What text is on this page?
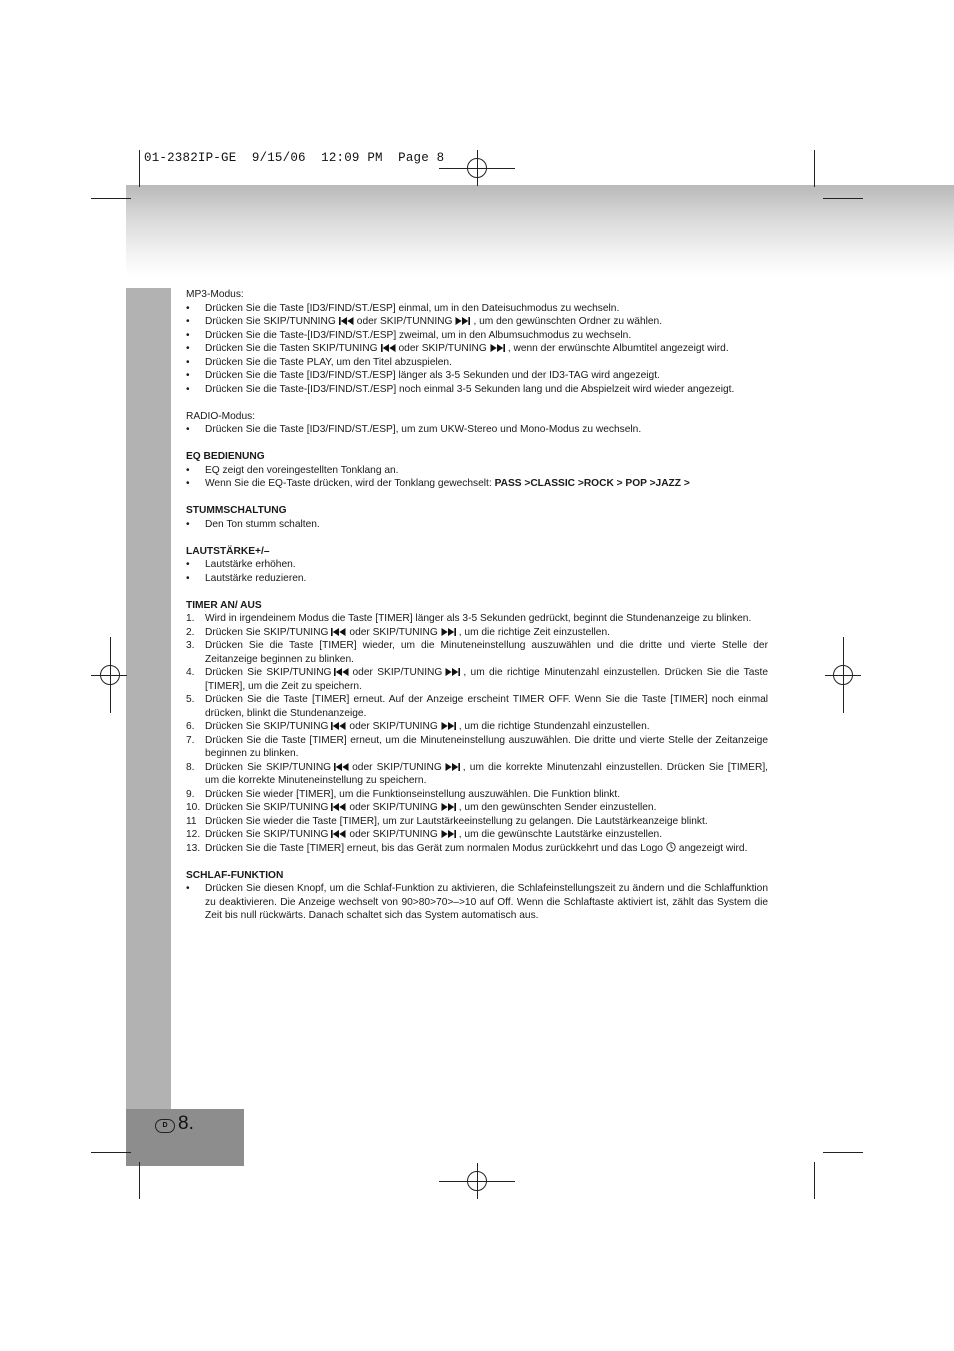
01-2382IP-GE  9/15/06  12:09 PM  Page 8
D 8.
MP3-Modus:
• Drücken Sie die Taste [ID3/FIND/ST./ESP] einmal, um in den Dateisuchmodus zu wechseln.
• Drücken Sie SKIP/TUNNING oder SKIP/TUNNING , um den gewünschten Ordner zu wählen.
• Drücken Sie die Taste-[ID3/FIND/ST./ESP] zweimal, um in den Albumsuchmodus zu wechseln.
• Drücken Sie die Tasten SKIP/TUNING oder SKIP/TUNING , wenn der erwünschte Albumtitel angezeigt wird.
• Drücken Sie die Taste PLAY, um den Titel abzuspielen.
• Drücken Sie die Taste [ID3/FIND/ST./ESP] länger als 3-5 Sekunden und der ID3-TAG wird angezeigt.
• Drücken Sie die Taste-[ID3/FIND/ST./ESP] noch einmal 3-5 Sekunden lang und die Abspielzeit wird wieder angezeigt.
RADIO-Modus:
• Drücken Sie die Taste [ID3/FIND/ST./ESP], um zum UKW-Stereo und Mono-Modus zu wechseln.
EQ BEDIENUNG
• EQ zeigt den voreingestellten Tonklang an.
• Wenn Sie die EQ-Taste drücken, wird der Tonklang gewechselt: PASS >CLASSIC >ROCK > POP >JAZZ >
STUMMSCHALTUNG
• Den Ton stumm schalten.
LAUTSTÄRKE+/–
• Lautstärke erhöhen.
• Lautstärke reduzieren.
TIMER AN/ AUS
1. Wird in irgendeinem Modus die Taste [TIMER] länger als 3-5 Sekunden gedrückt, beginnt die Stundenanzeige zu blinken.
2. Drücken Sie SKIP/TUNING oder SKIP/TUNING , um die richtige Zeit einzustellen.
3. Drücken Sie die Taste [TIMER] wieder, um die Minuteneinstellung auszuwählen und die dritte und vierte Stelle der Zeitanzeige beginnen zu blinken.
4. Drücken Sie SKIP/TUNING oder SKIP/TUNING , um die richtige Minutenzahl einzustellen. Drücken Sie die Taste [TIMER], um die Zeit zu speichern.
5. Drücken Sie die Taste [TIMER] erneut. Auf der Anzeige erscheint TIMER OFF. Wenn Sie die Taste [TIMER] noch einmal drücken, blinkt die Stundenanzeige.
6. Drücken Sie SKIP/TUNING oder SKIP/TUNING , um die richtige Stundenzahl einzustellen.
7. Drücken Sie die Taste [TIMER] erneut, um die Minuteneinstellung auszuwählen. Die dritte und vierte Stelle der Zeitanzeige beginnen zu blinken.
8. Drücken Sie SKIP/TUNING oder SKIP/TUNING , um die korrekte Minutenzahl einzustellen. Drücken Sie [TIMER], um die korrekte Minuteneinstellung zu speichern.
9. Drücken Sie wieder [TIMER], um die Funktionseinstellung auszuwählen. Die Funktion blinkt.
10. Drücken Sie SKIP/TUNING oder SKIP/TUNING , um den gewünschten Sender einzustellen.
11 Drücken Sie wieder die Taste [TIMER], um zur Lautstärkeeinstellung zu gelangen. Die Lautstärkeanzeige blinkt.
12. Drücken Sie SKIP/TUNING oder SKIP/TUNING , um die gewünschte Lautstärke einzustellen.
13. Drücken Sie die Taste [TIMER] erneut, bis das Gerät zum normalen Modus zurückkehrt und das Logo angezeigt wird.
SCHLAF-FUNKTION
• Drücken Sie diesen Knopf, um die Schlaf-Funktion zu aktivieren, die Schlafeinstellungszeit zu ändern und die Schlaffunktion zu deaktivieren. Die Anzeige wechselt von 90>80>70>–>10 auf Off. Wenn die Schlaftaste aktiviert ist, zählt das System die Zeit bis null rückwärts. Danach schaltet sich das System automatisch aus.
